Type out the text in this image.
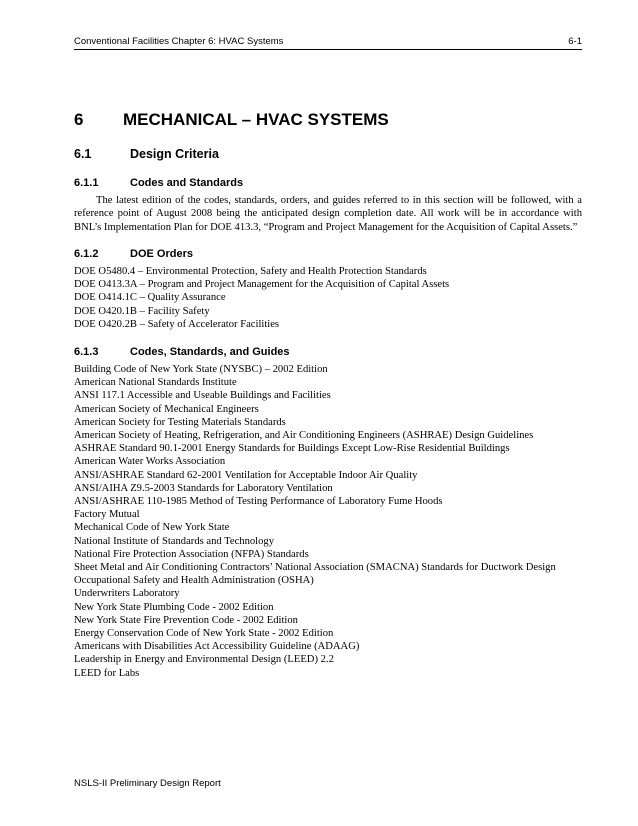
Conventional Facilities Chapter 6: HVAC Systems	6-1
6	MECHANICAL – HVAC SYSTEMS
6.1	Design Criteria
6.1.1	Codes and Standards

The latest edition of the codes, standards, orders, and guides referred to in this section will be followed, with a reference point of August 2008 being the anticipated design completion date. All work will be in accordance with BNL’s Implementation Plan for DOE 413.3, “Program and Project Management for the Acquisition of Capital Assets.”

6.1.2	DOE Orders
DOE O5480.4 – Environmental Protection, Safety and Health Protection Standards
DOE O413.3A – Program and Project Management for the Acquisition of Capital Assets
DOE O414.1C – Quality Assurance
DOE O420.1B – Facility Safety
DOE O420.2B – Safety of Accelerator Facilities
6.1.3	Codes, Standards, and Guides
Building Code of New York State (NYSBC) – 2002 Edition
American National Standards Institute
ANSI 117.1 Accessible and Useable Buildings and Facilities
American Society of Mechanical Engineers
American Society for Testing Materials Standards
American Society of Heating, Refrigeration, and Air Conditioning Engineers (ASHRAE) Design Guidelines
ASHRAE Standard 90.1-2001 Energy Standards for Buildings Except Low-Rise Residential Buildings
American Water Works Association
ANSI/ASHRAE Standard 62-2001 Ventilation for Acceptable Indoor Air Quality
ANSI/AIHA Z9.5-2003 Standards for Laboratory Ventilation
ANSI/ASHRAE 110-1985 Method of Testing Performance of Laboratory Fume Hoods
Factory Mutual
Mechanical Code of New York State
National Institute of Standards and Technology
National Fire Protection Association (NFPA) Standards
Sheet Metal and Air Conditioning Contractors’ National Association (SMACNA) Standards for Ductwork Design
Occupational Safety and Health Administration (OSHA)
Underwriters Laboratory
New York State Plumbing Code - 2002 Edition
New York State Fire Prevention Code - 2002 Edition
Energy Conservation Code of New York State - 2002 Edition
Americans with Disabilities Act Accessibility Guideline (ADAAG)
Leadership in Energy and Environmental Design (LEED) 2.2
LEED for Labs
NSLS-II Preliminary Design Report
